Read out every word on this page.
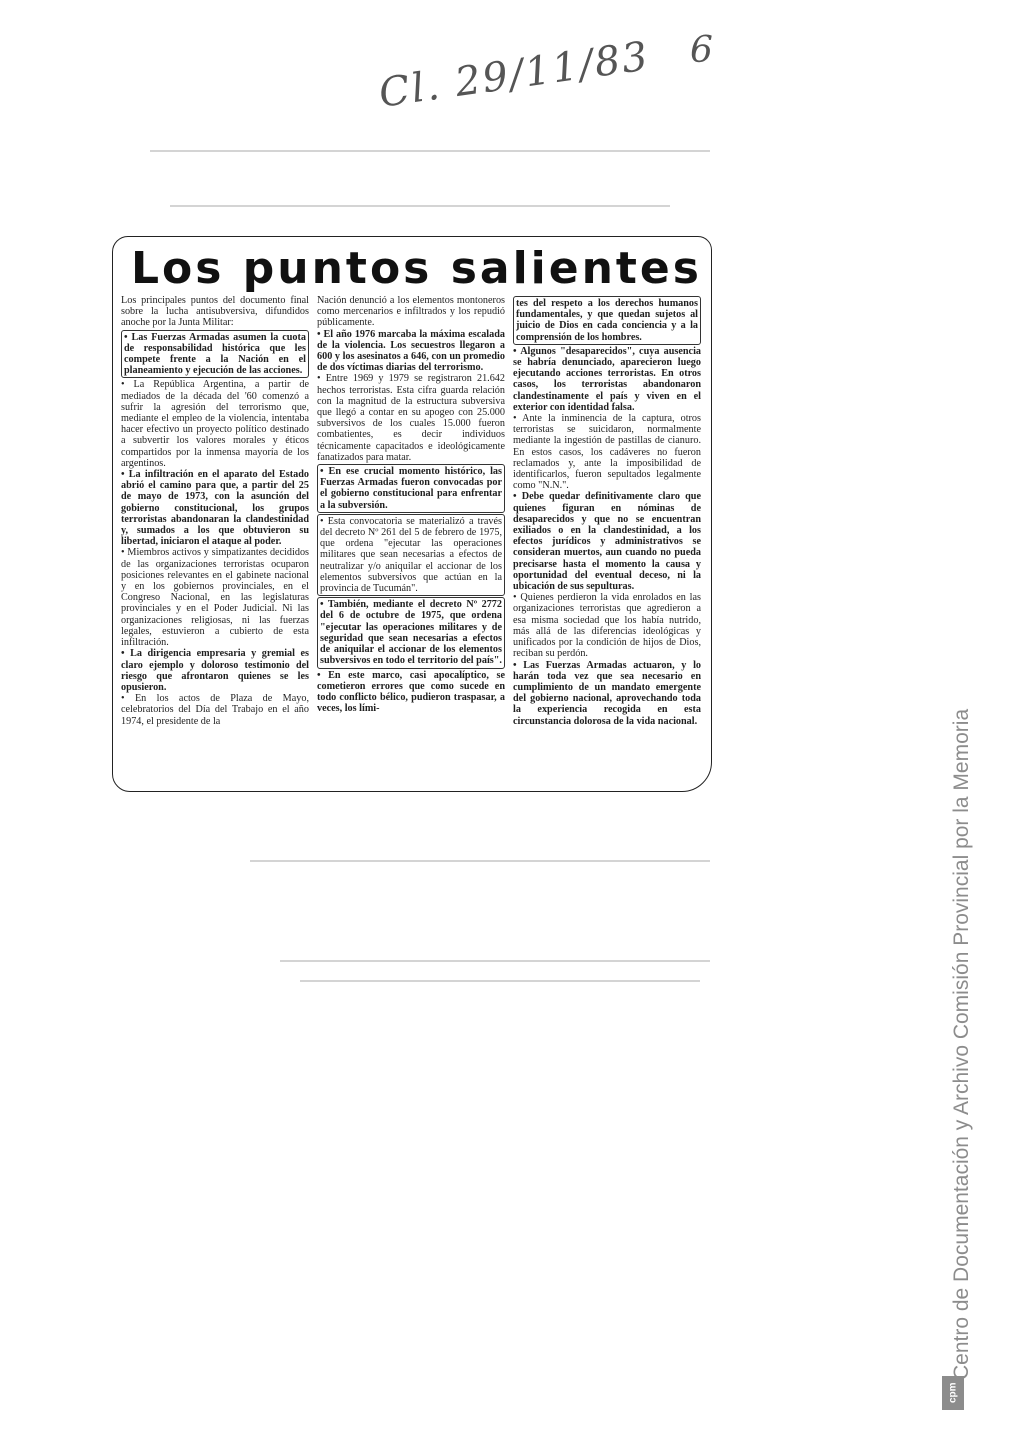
Cl. 29/11/83 6
Los puntos salientes

Los principales puntos del documento final sobre la lucha antisubversiva, difundidos anoche por la Junta Militar:

• Las Fuerzas Armadas asumen la cuota de responsabilidad histórica que les compete frente a la Nación en el planeamiento y ejecución de las acciones.

• La República Argentina, a partir de mediados de la década del '60 comenzó a sufrir la agresión del terrorismo que, mediante el empleo de la violencia, intentaba hacer efectivo un proyecto político destinado a subvertir los valores morales y éticos compartidos por la inmensa mayoría de los argentinos.

• La infiltración en el aparato del Estado abrió el camino para que, a partir del 25 de mayo de 1973, con la asunción del gobierno constitucional, los grupos terroristas abandonaran la clandestinidad y, sumados a los que obtuvieron su libertad, iniciaron el ataque al poder.

• Miembros activos y simpatizantes decididos de las organizaciones terroristas ocuparon posiciones relevantes en el gabinete nacional y en los gobiernos provinciales, en el Congreso Nacional, en las legislaturas provinciales y en el Poder Judicial. Ni las organizaciones religiosas, ni las fuerzas legales, estuvieron a cubierto de esta infiltración.

• La dirigencia empresaria y gremial es claro ejemplo y doloroso testimonio del riesgo que afrontaron quienes se les opusieron.

• En los actos de Plaza de Mayo, celebratorios del Día del Trabajo en el año 1974, el presidente de la

Nación denunció a los elementos montoneros como mercenarios e infiltrados y los repudió públicamente.

• El año 1976 marcaba la máxima escalada de la violencia. Los secuestros llegaron a 600 y los asesinatos a 646, con un promedio de dos víctimas diarias del terrorismo.

• Entre 1969 y 1979 se registraron 21.642 hechos terroristas. Esta cifra guarda relación con la magnitud de la estructura subversiva que llegó a contar en su apogeo con 25.000 subversivos de los cuales 15.000 fueron combatientes, es decir individuos técnicamente capacitados e ideológicamente fanatizados para matar.

• En ese crucial momento histórico, las Fuerzas Armadas fueron convocadas por el gobierno constitucional para enfrentar a la subversión.

• Esta convocatoria se materializó a través del decreto Nº 261 del 5 de febrero de 1975, que ordena "ejecutar las operaciones militares que sean necesarias a efectos de neutralizar y/o aniquilar el accionar de los elementos subversivos que actúan en la provincia de Tucumán".

• También, mediante el decreto Nº 2772 del 6 de octubre de 1975, que ordena "ejecutar las operaciones militares y de seguridad que sean necesarias a efectos de aniquilar el accionar de los elementos subversivos en todo el territorio del país".

• En este marco, casi apocalíptico, se cometieron errores que como sucede en todo conflicto bélico, pudieron traspasar, a veces, los lími-

tes del respeto a los derechos humanos fundamentales, y que quedan sujetos al juicio de Dios en cada conciencia y a la comprensión de los hombres.

• Algunos "desaparecidos", cuya ausencia se habría denunciado, aparecieron luego ejecutando acciones terroristas. En otros casos, los terroristas abandonaron clandestinamente el país y viven en el exterior con identidad falsa.

• Ante la inminencia de la captura, otros terroristas se suicidaron, normalmente mediante la ingestión de pastillas de cianuro. En estos casos, los cadáveres no fueron reclamados y, ante la imposibilidad de identificarlos, fueron sepultados legalmente como "N.N.".

• Debe quedar definitivamente claro que quienes figuran en nóminas de desaparecidos y que no se encuentran exiliados o en la clandestinidad, a los efectos jurídicos y administrativos se consideran muertos, aun cuando no pueda precisarse hasta el momento la causa y oportunidad del eventual deceso, ni la ubicación de sus sepulturas.

• Quienes perdieron la vida enrolados en las organizaciones terroristas que agredieron a esa misma sociedad que los había nutrido, más allá de las diferencias ideológicas y unificados por la condición de hijos de Dios, reciban su perdón.

• Las Fuerzas Armadas actuaron, y lo harán toda vez que sea necesario en cumplimiento de un mandato emergente del gobierno nacional, aprovechando toda la experiencia recogida en esta circunstancia dolorosa de la vida nacional.

cpm
Centro de Documentación y Archivo Comisión Provincial por la Memoria
